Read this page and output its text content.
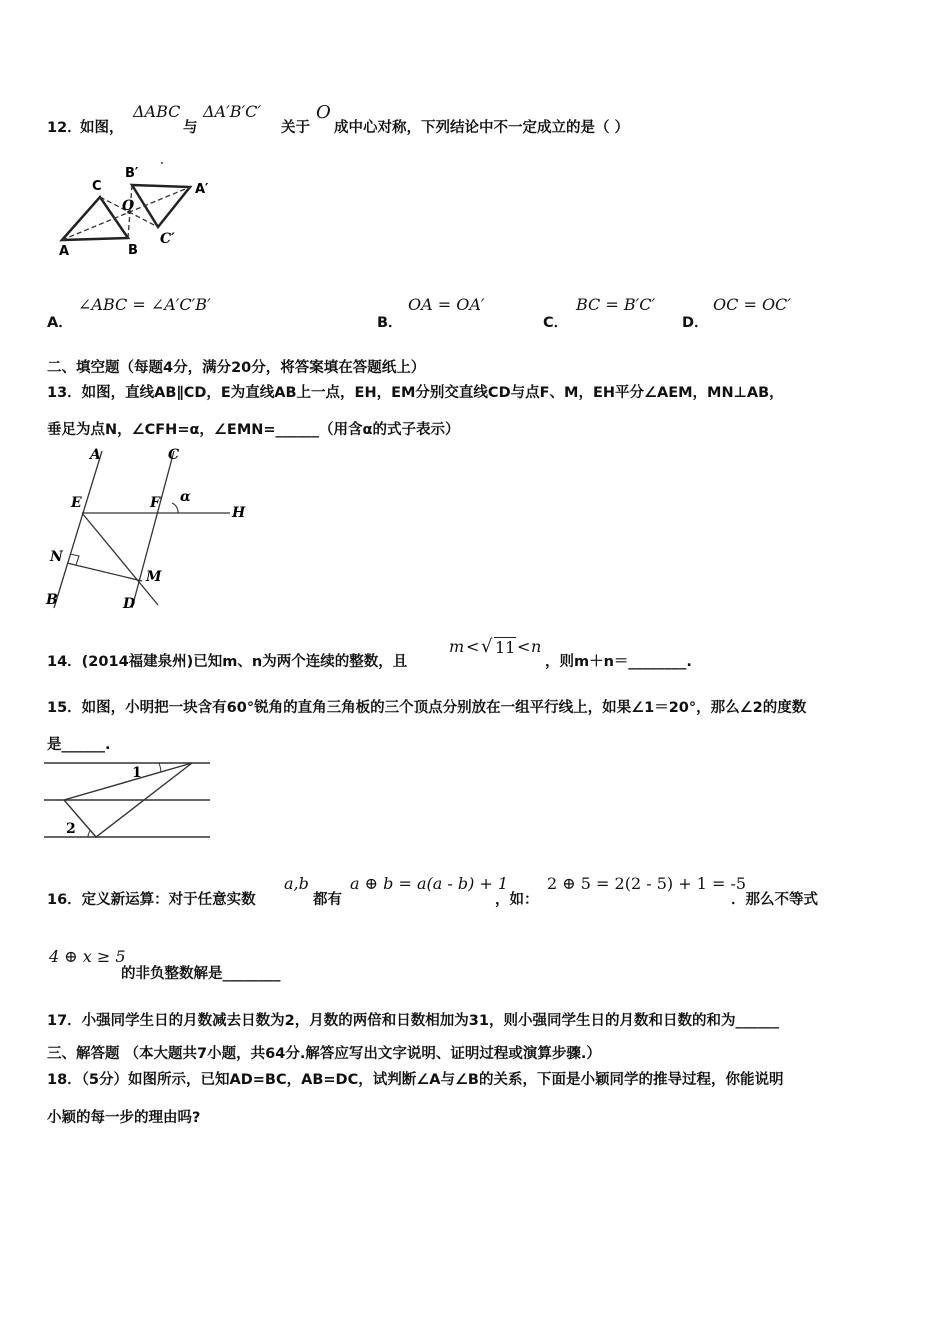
12．
如图，
ΔABC
与
ΔA′B′C′
关于
O
成中心对称，下列结论中不一定成立的是（ ）
C
B′
A′
O
A	B
C′
A．
∠ABC = ∠A′C′B′
B．
OA = OA′
C．
BC = B′C′
D．
OC = OC′
二、填空题（每题4分，满分20分，将答案填在答题纸上）
13．如图，直线AB∥CD，E为直线AB上一点，EH，EM分别交直线CD与点F、M，EH平分∠AEM，MN⊥AB，
垂足为点N，∠CFH=α，∠EMN=______（用含α的式子表示）
A	C
E	F α
H
N
M
B	D
14．(2014福建泉州)已知m、n为两个连续的整数，且
m < √ 11 < n
，则m＋n＝________.
15．如图，小明把一块含有60°锐角的直角三角板的三个顶点分别放在一组平行线上，如果∠1＝20°，那么∠2的度数
是______.
1
2
16．定义新运算：对于任意实数
a,b
都有
a ⊕ b = a(a - b) + 1
，如：
2 ⊕ 5 = 2(2 - 5) + 1 = -5
．那么不等式
4 ⊕ x ≥ 5
的非负整数解是________
17．小强同学生日的月数减去日数为2，月数的两倍和日数相加为31，则小强同学生日的月数和日数的和为______
三、解答题 （本大题共7小题，共64分.解答应写出文字说明、证明过程或演算步骤.）
18．（5分）如图所示，已知AD=BC，AB=DC，试判断∠A与∠B的关系，下面是小颖同学的推导过程，你能说明
小颖的每一步的理由吗?
